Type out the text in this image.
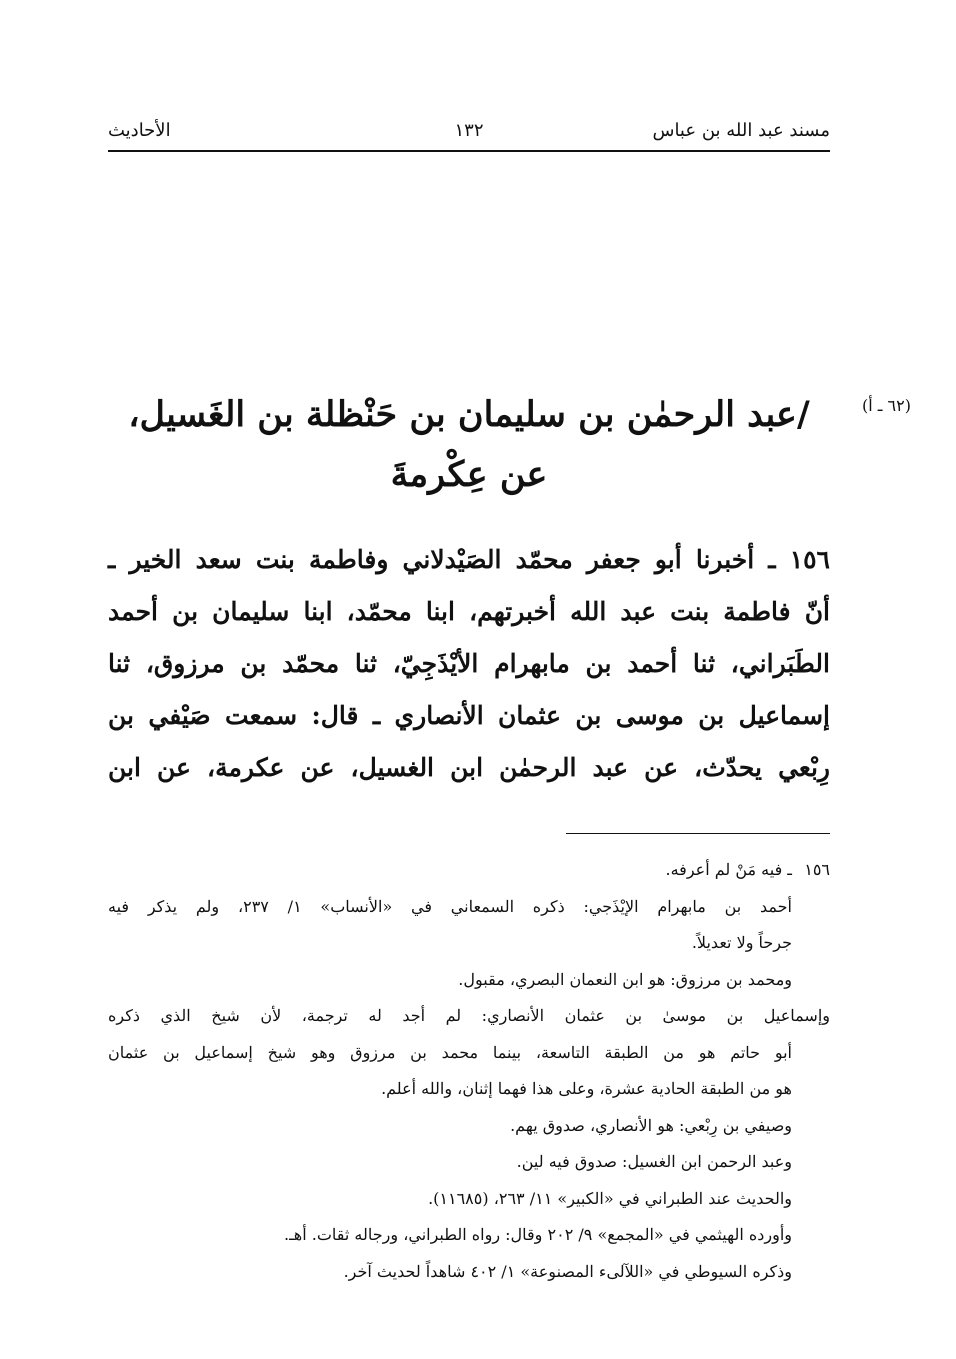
مسند عبد الله بن عباس
١٣٢
الأحاديث
(٦٢ ـ أ)
/عبد الرحمٰن بن سليمان بن حَنْظلة بن الغَسيل،
عن عِكْرمةَ
١٥٦ ـ أخبرنا أبو جعفر محمّد الصَيْدلاني وفاطمة بنت سعد الخير ـ
أنّ فاطمة بنت عبد الله أخبرتهم، ابنا محمّد، ابنا سليمان بن أحمد
الطَبَراني، ثنا أحمد بن مابهرام الأيْذَجِيّ، ثنا محمّد بن مرزوق، ثنا
إسماعيل بن موسى بن عثمان الأنصاري ـ قال: سمعت صَيْفي بن
رِبْعي يحدّث، عن عبد الرحمٰن ابن الغسيل، عن عكرمة، عن ابن
١٥٦ـ فيه مَنْ لم أعرفه.
أحمد بن مابهرام الإيْذَجي: ذكره السمعاني في «الأنساب» ١/ ٢٣٧، ولم يذكر فيه
جرحاً ولا تعديلاً.
ومحمد بن مرزوق: هو ابن النعمان البصري، مقبول.
وإسماعيل بن موسىٰ بن عثمان الأنصاري: لم أجد له ترجمة، لأن شيخ الذي ذكره
أبو حاتم هو من الطبقة التاسعة، بينما محمد بن مرزوق وهو شيخ إسماعيل بن عثمان
هو من الطبقة الحادية عشرة، وعلى هذا فهما إثنان، والله أعلم.
وصيفي بن رِبْعي: هو الأنصاري، صدوق يهم.
وعبد الرحمن ابن الغسيل: صدوق فيه لين.
والحديث عند الطبراني في «الكبير» ١١/ ٢٦٣، (١١٦٨٥).
وأورده الهيثمي في «المجمع» ٩/ ٢٠٢ وقال: رواه الطبراني، ورجاله ثقات. أهـ.
وذكره السيوطي في «اللآلىء المصنوعة» ١/ ٤٠٢ شاهداً لحديث آخر.
